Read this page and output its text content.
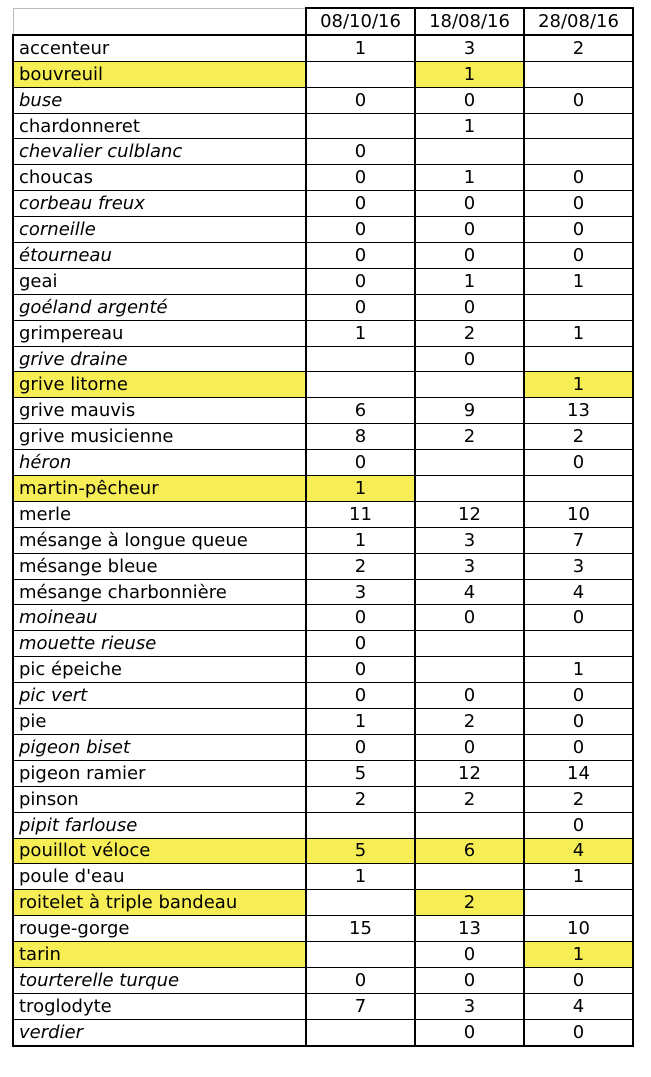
	08/10/16	18/08/16	28/08/16
accenteur	1	3	2
bouvreuil		1	
buse	0	0	0
chardonneret		1	
chevalier culblanc	0		
choucas	0	1	0
corbeau freux	0	0	0
corneille	0	0	0
étourneau	0	0	0
geai	0	1	1
goéland argenté	0	0	
grimpereau	1	2	1
grive draine		0	
grive litorne			1
grive mauvis	6	9	13
grive musicienne	8	2	2
héron	0		0
martin-pêcheur	1		
merle	11	12	10
mésange à longue queue	1	3	7
mésange bleue	2	3	3
mésange charbonnière	3	4	4
moineau	0	0	0
mouette rieuse	0		
pic épeiche	0		1
pic vert	0	0	0
pie	1	2	0
pigeon biset	0	0	0
pigeon ramier	5	12	14
pinson	2	2	2
pipit farlouse			0
pouillot véloce	5	6	4
poule d'eau	1		1
roitelet à triple bandeau		2	
rouge-gorge	15	13	10
tarin		0	1
tourterelle turque	0	0	0
troglodyte	7	3	4
verdier		0	0
